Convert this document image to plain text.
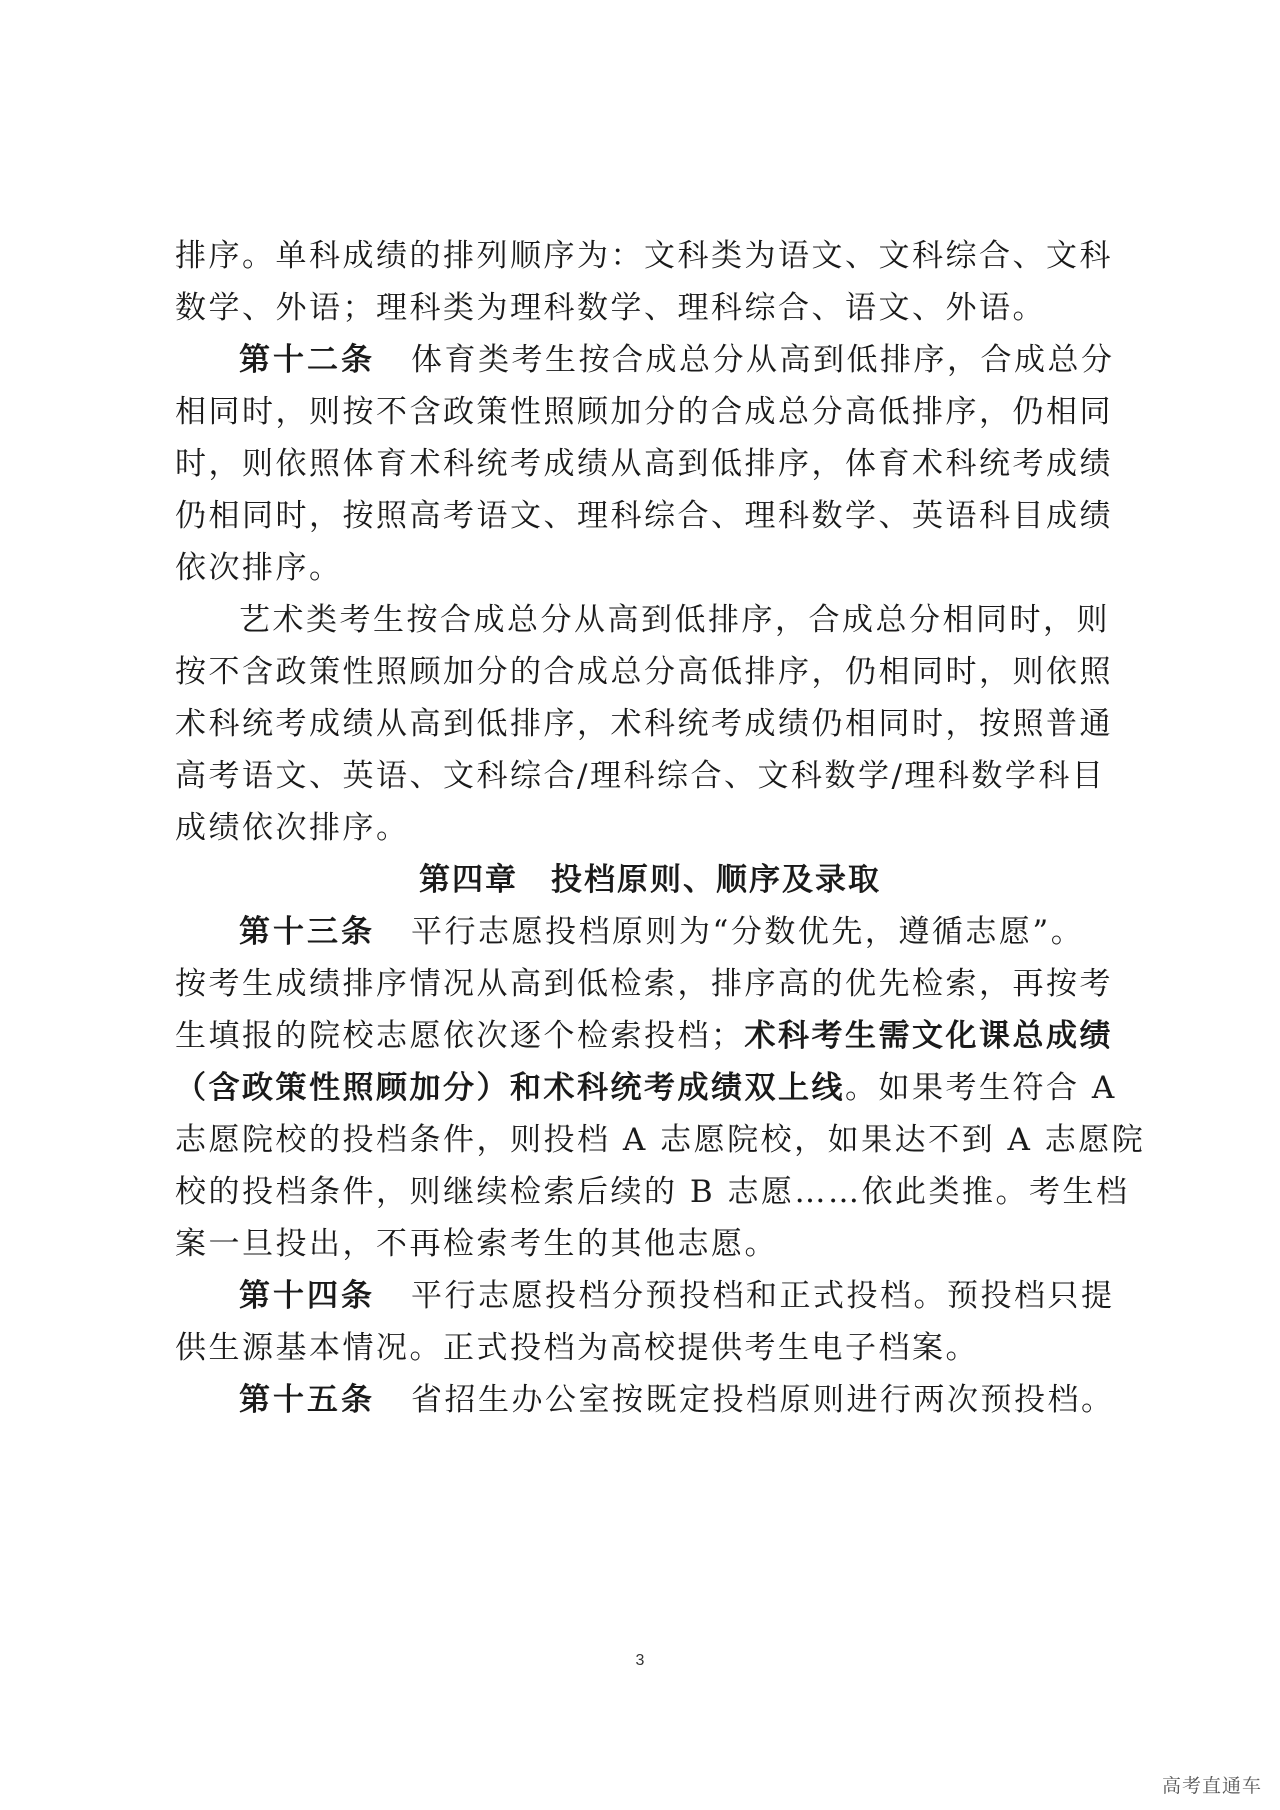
排序。单科成绩的排列顺序为：文科类为语文、文科综合、文科
数学、外语；理科类为理科数学、理科综合、语文、外语。
第十二条 体育类考生按合成总分从高到低排序，合成总分
相同时，则按不含政策性照顾加分的合成总分高低排序，仍相同
时，则依照体育术科统考成绩从高到低排序，体育术科统考成绩
仍相同时，按照高考语文、理科综合、理科数学、英语科目成绩
依次排序。
艺术类考生按合成总分从高到低排序，合成总分相同时，则
按不含政策性照顾加分的合成总分高低排序，仍相同时，则依照
术科统考成绩从高到低排序，术科统考成绩仍相同时，按照普通
高考语文、英语、文科综合/理科综合、文科数学/理科数学科目
成绩依次排序。
第四章　投档原则、顺序及录取
第十三条 平行志愿投档原则为“分数优先，遵循志愿”。
按考生成绩排序情况从高到低检索，排序高的优先检索，再按考
生填报的院校志愿依次逐个检索投档；术科考生需文化课总成绩
（含政策性照顾加分）和术科统考成绩双上线。如果考生符合 A
志愿院校的投档条件，则投档 A 志愿院校，如果达不到 A 志愿院
校的投档条件，则继续检索后续的 B 志愿……依此类推。考生档
案一旦投出，不再检索考生的其他志愿。
第十四条 平行志愿投档分预投档和正式投档。预投档只提
供生源基本情况。正式投档为高校提供考生电子档案。
第十五条 省招生办公室按既定投档原则进行两次预投档。
3
高考直通车
